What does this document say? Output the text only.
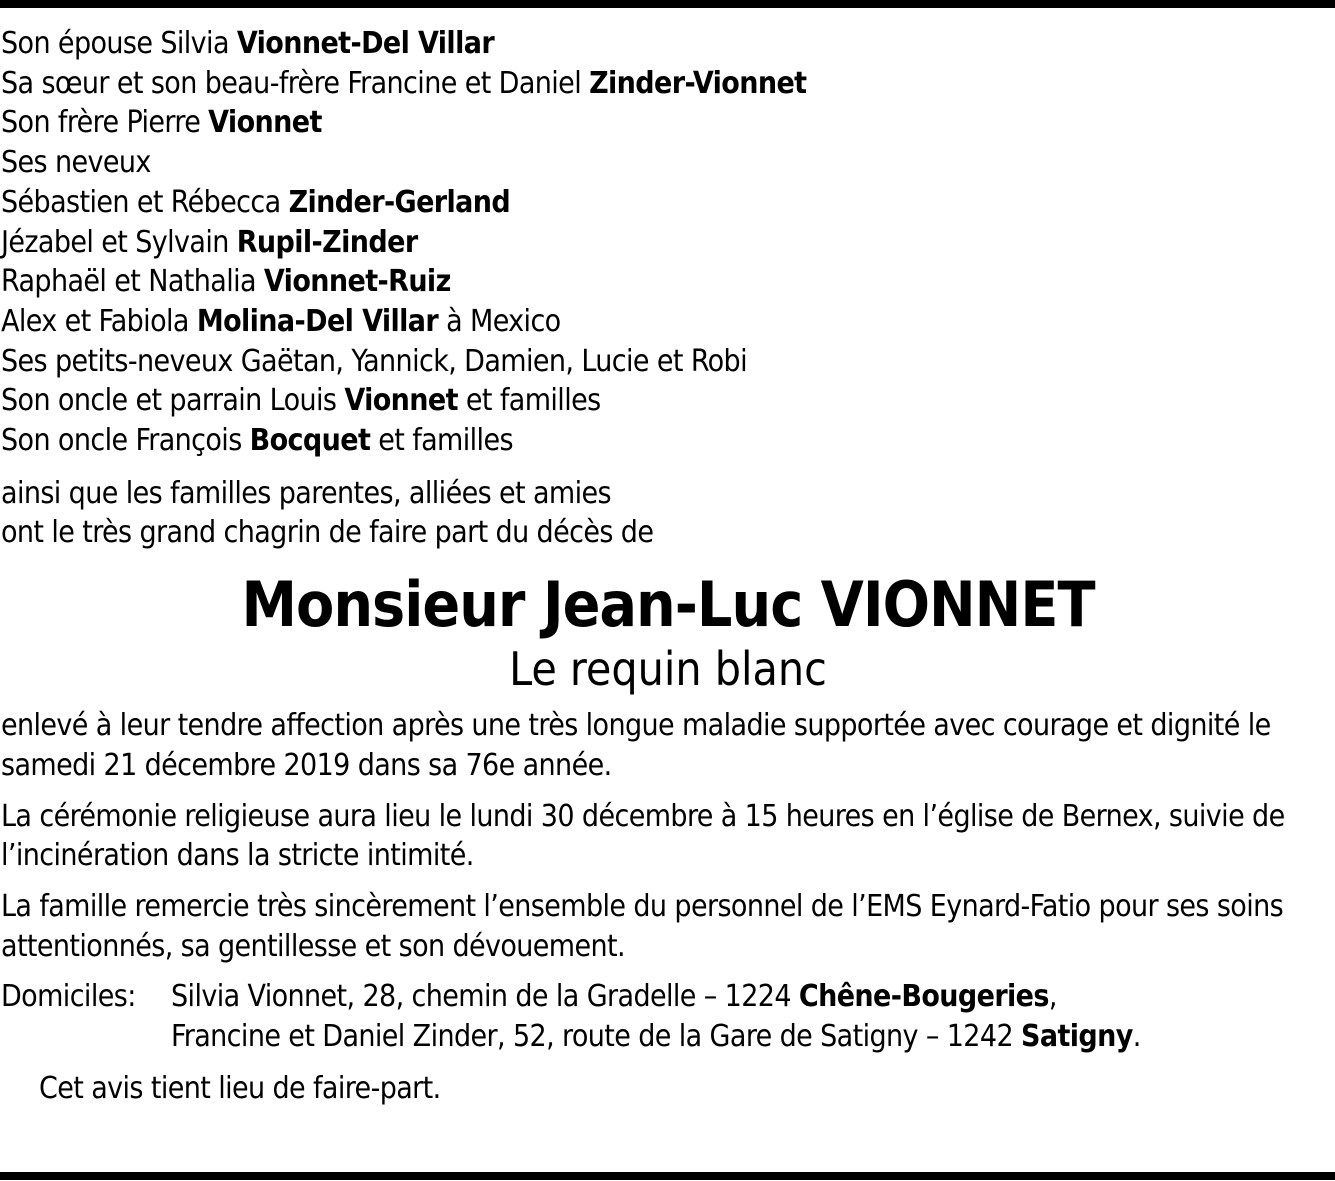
Son épouse Silvia Vionnet-Del Villar
Sa sœur et son beau-frère Francine et Daniel Zinder-Vionnet
Son frère Pierre Vionnet
Ses neveux
Sébastien et Rébecca Zinder-Gerland
Jézabel et Sylvain Rupil-Zinder
Raphaël et Nathalia Vionnet-Ruiz
Alex et Fabiola Molina-Del Villar à Mexico
Ses petits-neveux Gaëtan, Yannick, Damien, Lucie et Robi
Son oncle et parrain Louis Vionnet et familles
Son oncle François Bocquet et familles
ainsi que les familles parentes, alliées et amies
ont le très grand chagrin de faire part du décès de
Monsieur Jean-Luc VIONNET
Le requin blanc
enlevé à leur tendre affection après une très longue maladie supportée avec courage et dignité le samedi 21 décembre 2019 dans sa 76e année.
La cérémonie religieuse aura lieu le lundi 30 décembre à 15 heures en l’église de Bernex, suivie de l’incinération dans la stricte intimité.
La famille remercie très sincèrement l’ensemble du personnel de l’EMS Eynard-Fatio pour ses soins attentionnés, sa gentillesse et son dévouement.
Domiciles:	Silvia Vionnet, 28, chemin de la Gradelle – 1224 Chêne-Bougeries,
Francine et Daniel Zinder, 52, route de la Gare de Satigny – 1242 Satigny.
Cet avis tient lieu de faire-part.
